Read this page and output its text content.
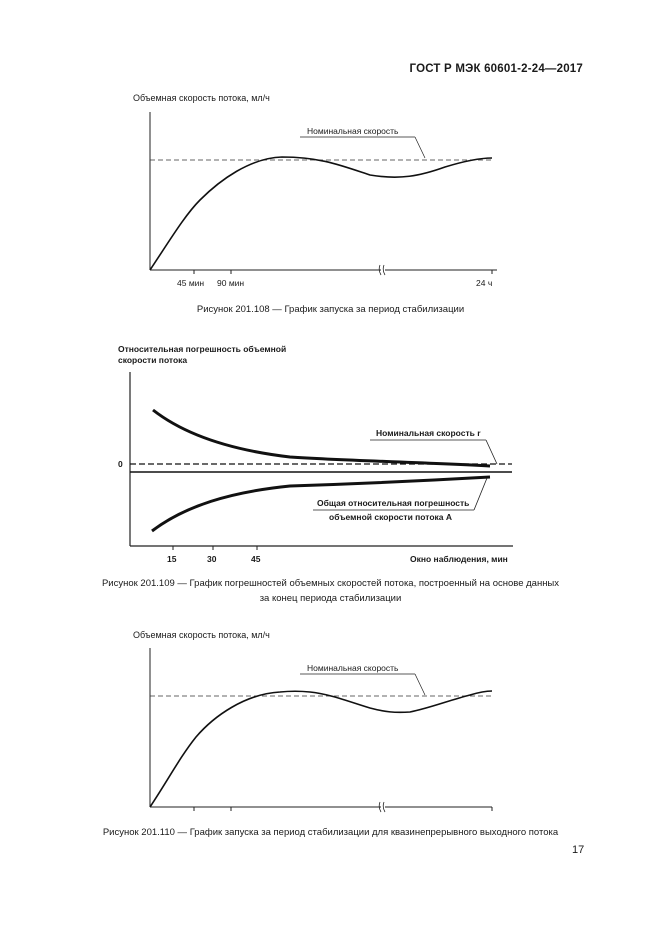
ГОСТ Р МЭК 60601-2-24—2017
Объемная скорость потока, мл/ч
Номинальная скорость
45 мин 90 мин	24 ч
Рисунок 201.108 — График запуска за период стабилизации
Относительная погрешность объемной
скорости потока
0
Номинальная скорость r
Общая относительная погрешность
объемной скорости потока A
15	30	45	Окно наблюдения, мин
Рисунок 201.109 — График погрешностей объемных скоростей потока, построенный на основе данных
за конец периода стабилизации
Объемная скорость потока, мл/ч
Номинальная скорость
Рисунок 201.110 — График запуска за период стабилизации для квазинепрерывного выходного потока
17
